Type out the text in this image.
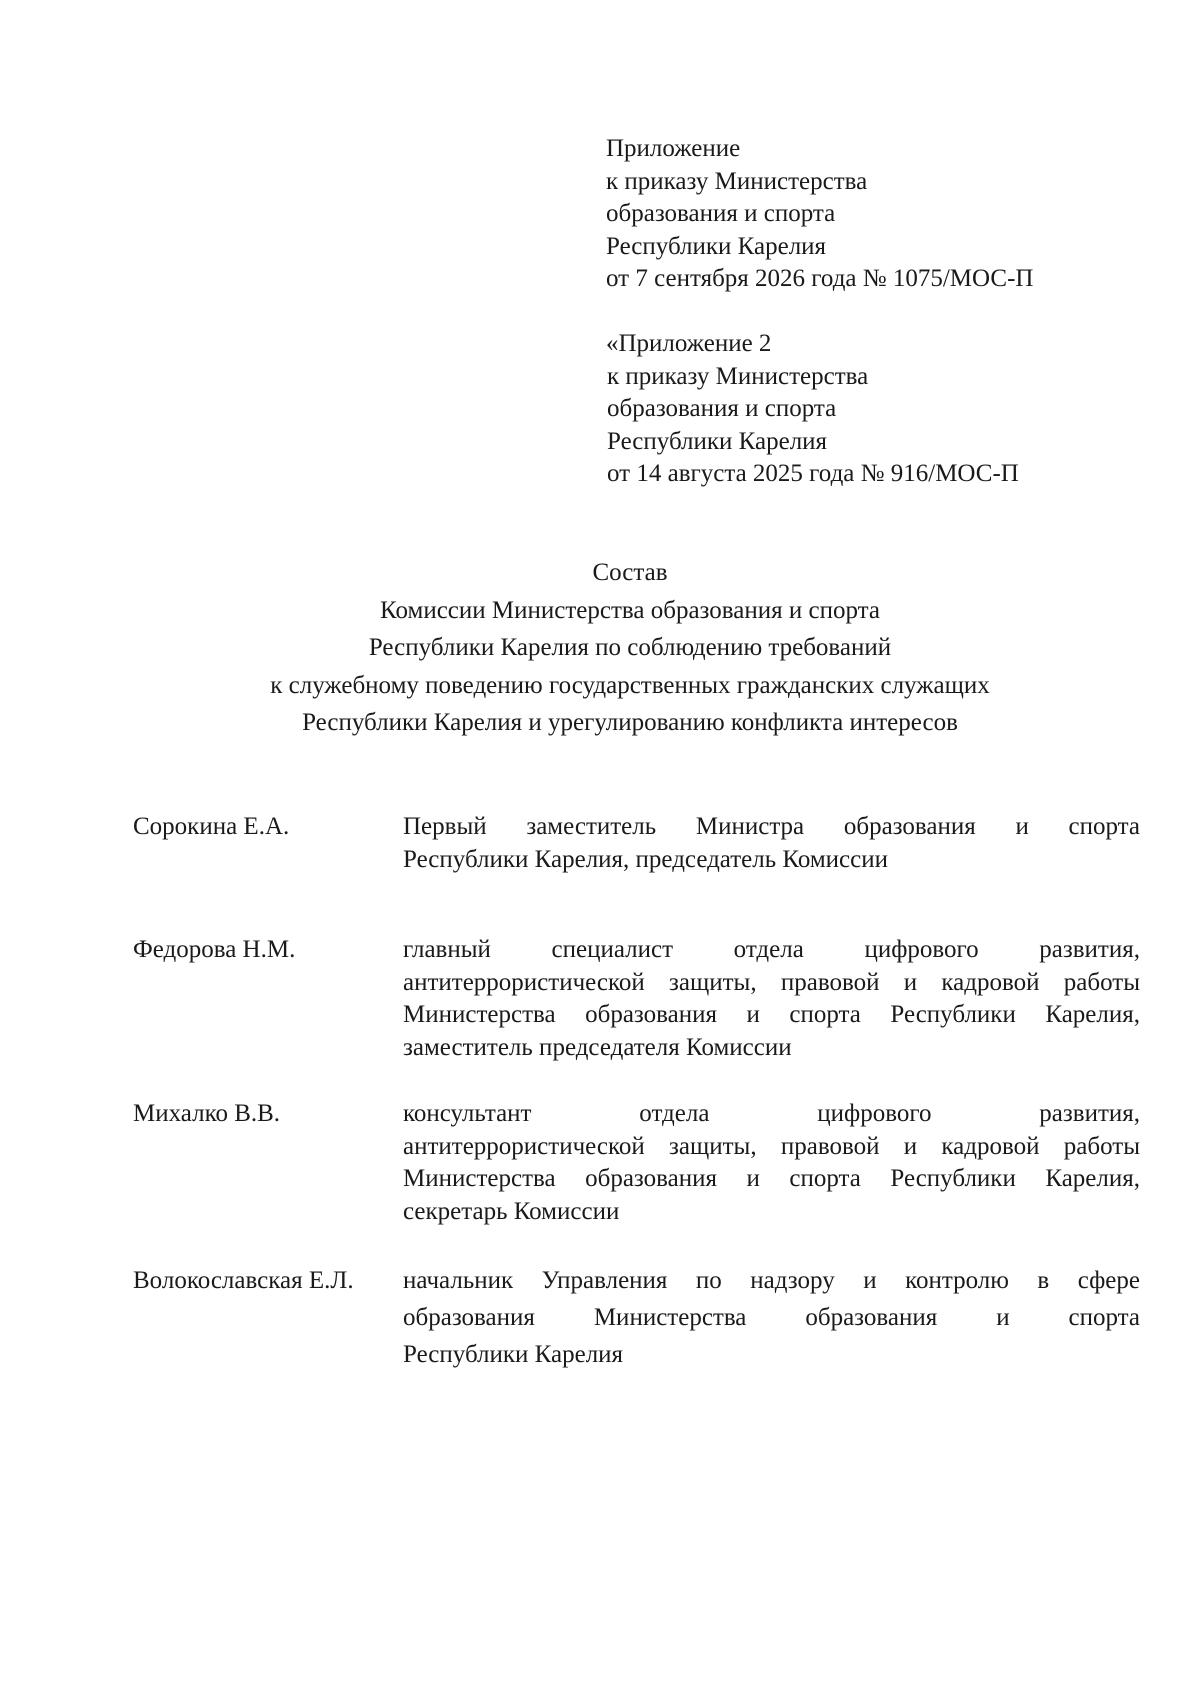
Приложение
к приказу Министерства
образования и спорта
Республики Карелия
от 7 сентября 2026 года № 1075/МОС-П
«Приложение 2
к приказу Министерства
образования и спорта
Республики Карелия
от 14 августа 2025 года № 916/МОС-П
Состав
Комиссии Министерства образования и спорта
Республики Карелия по соблюдению требований
к служебному поведению государственных гражданских служащих
Республики Карелия и урегулированию конфликта интересов
Сорокина Е.А.	Первый заместитель Министра образования и спорта
Республики Карелия, председатель Комиссии
Федорова Н.М.	главный специалист отдела цифрового развития,
антитеррористической защиты, правовой и кадровой работы
Министерства образования и спорта Республики Карелия,
заместитель председателя Комиссии
Михалко В.В.	консультант отдела цифрового развития,
антитеррористической защиты, правовой и кадровой работы
Министерства образования и спорта Республики Карелия,
секретарь Комиссии
Волокославская Е.Л. начальник Управления по надзору и контролю в сфере
образования Министерства образования и спорта
Республики Карелия
